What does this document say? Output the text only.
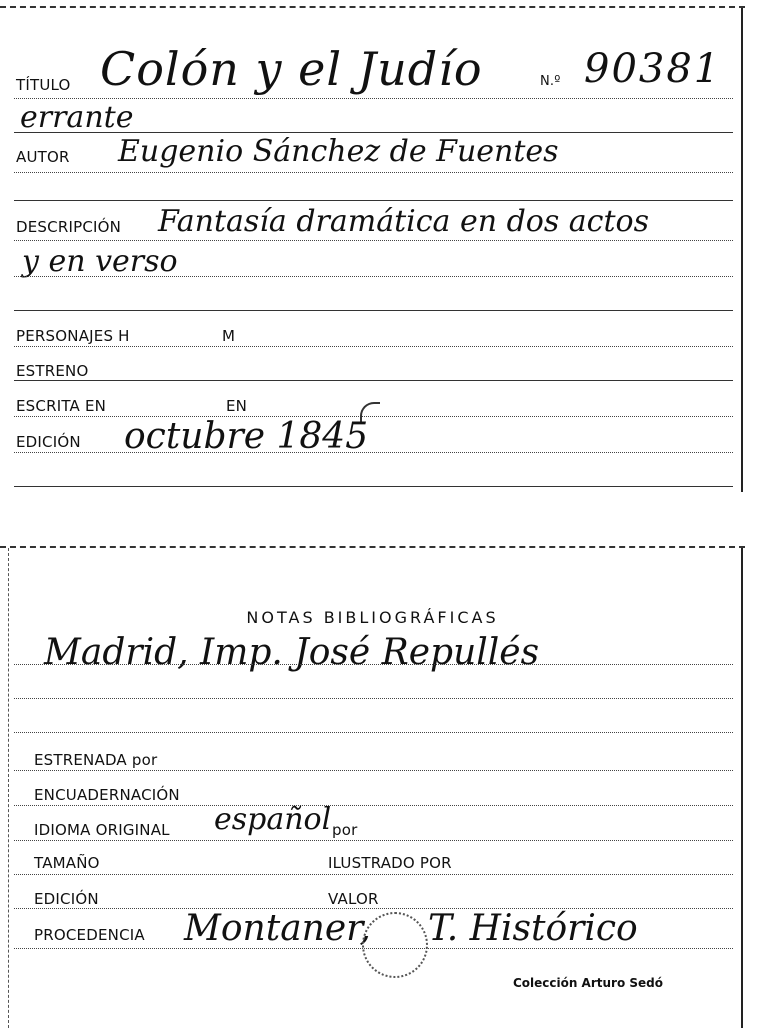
TÍTULO Colón y el Judío	N.º 90381
errante
AUTOR Eugenio Sánchez de Fuentes
DESCRIPCIÓN Fantasía dramática en dos actos
y en verso
PERSONAJES H	M
ESTRENO
ESCRITA EN	EN
EDICIÓN octubre 1845
NOTAS BIBLIOGRÁFICAS
Madrid, Imp. José Repullés
ESTRENADA por
ENCUADERNACIÓN
IDIOMA ORIGINAL español por
TAMAÑO	ILUSTRADO POR
EDICIÓN	VALOR
PROCEDENCIA Montaner, T. Histórico
Colección Arturo Sedó
